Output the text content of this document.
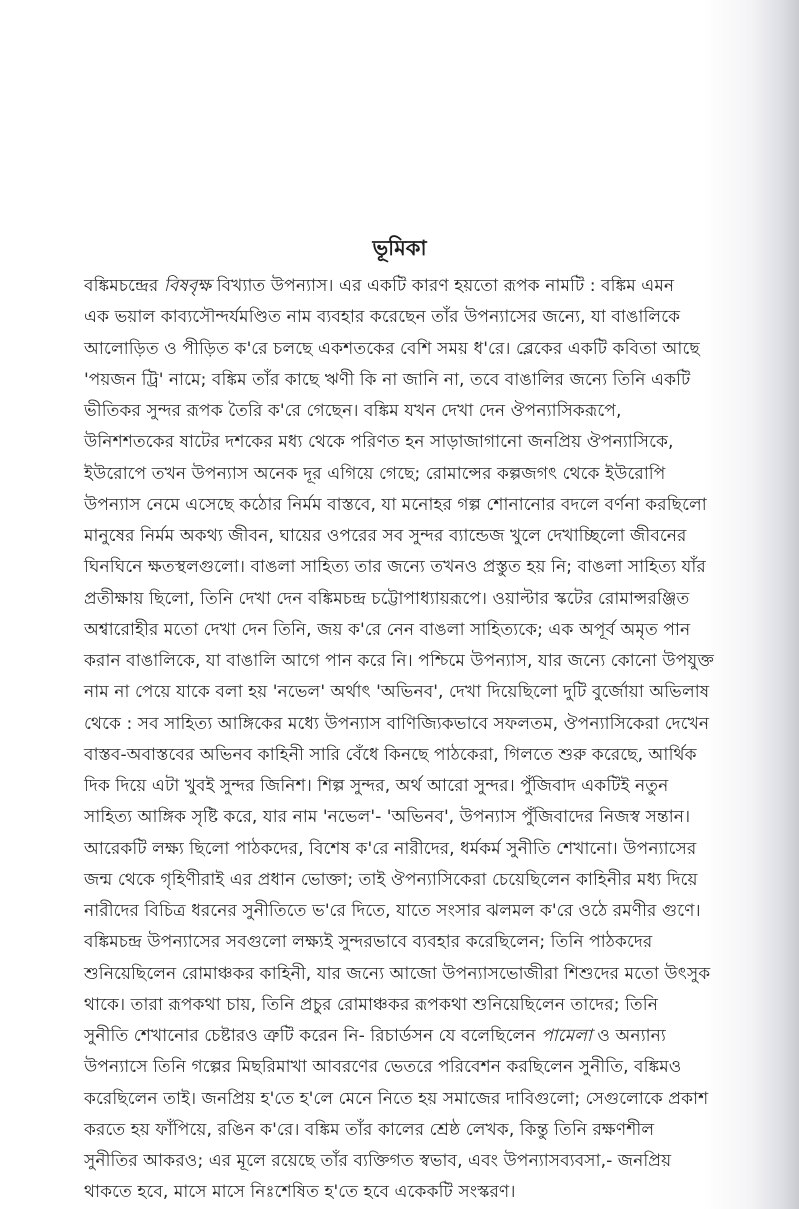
ভূমিকা
বঙ্কিমচন্দ্রের বিষবৃক্ষ বিখ্যাত উপন্যাস। এর একটি কারণ হয়তো রূপক নামটি : বঙ্কিম এমন
এক ভয়াল কাব্যসৌন্দর্যমণ্ডিত নাম ব্যবহার করেছেন তাঁর উপন্যাসের জন্যে, যা বাঙালিকে
আলোড়িত ও পীড়িত ক'রে চলছে একশতকের বেশি সময় ধ'রে। ব্লেকের একটি কবিতা আছে
'পয়জন ট্রি' নামে; বঙ্কিম তাঁর কাছে ঋণী কি না জানি না, তবে বাঙালির জন্যে তিনি একটি
ভীতিকর সুন্দর রূপক তৈরি ক'রে গেছেন। বঙ্কিম যখন দেখা দেন ঔপন্যাসিকরূপে,
উনিশশতকের ষাটের দশকের মধ্য থেকে পরিণত হন সাড়াজাগানো জনপ্রিয় ঔপন্যাসিকে,
ইউরোপে তখন উপন্যাস অনেক দূর এগিয়ে গেছে; রোমান্সের কল্পজগৎ থেকে ইউরোপি
উপন্যাস নেমে এসেছে কঠোর নির্মম বাস্তবে, যা মনোহর গল্প শোনানোর বদলে বর্ণনা করছিলো
মানুষের নির্মম অকথ্য জীবন, ঘায়ের ওপরের সব সুন্দর ব্যান্ডেজ খুলে দেখাচ্ছিলো জীবনের
ঘিনঘিনে ক্ষতস্থলগুলো। বাঙলা সাহিত্য তার জন্যে তখনও প্রস্তুত হয় নি; বাঙলা সাহিত্য যাঁর
প্রতীক্ষায় ছিলো, তিনি দেখা দেন বঙ্কিমচন্দ্র চট্টোপাধ্যায়রূপে। ওয়াল্টার স্কটের রোমান্সরঞ্জিত
অশ্বারোহীর মতো দেখা দেন তিনি, জয় ক'রে নেন বাঙলা সাহিত্যকে; এক অপূর্ব অমৃত পান
করান বাঙালিকে, যা বাঙালি আগে পান করে নি। পশ্চিমে উপন্যাস, যার জন্যে কোনো উপযুক্ত
নাম না পেয়ে যাকে বলা হয় 'নভেল' অর্থাৎ 'অভিনব', দেখা দিয়েছিলো দুটি বুর্জোয়া অভিলাষ
থেকে : সব সাহিত্য আঙ্গিকের মধ্যে উপন্যাস বাণিজ্যিকভাবে সফলতম, ঔপন্যাসিকেরা দেখেন
বাস্তব-অবাস্তবের অভিনব কাহিনী সারি বেঁধে কিনছে পাঠকেরা, গিলতে শুরু করেছে, আর্থিক
দিক দিয়ে এটা খুবই সুন্দর জিনিশ। শিল্প সুন্দর, অর্থ আরো সুন্দর। পুঁজিবাদ একটিই নতুন
সাহিত্য আঙ্গিক সৃষ্টি করে, যার নাম 'নভেল'- 'অভিনব', উপন্যাস পুঁজিবাদের নিজস্ব সন্তান।
আরেকটি লক্ষ্য ছিলো পাঠকদের, বিশেষ ক'রে নারীদের, ধর্মকর্ম সুনীতি শেখানো। উপন্যাসের
জন্ম থেকে গৃহিণীরাই এর প্রধান ভোক্তা; তাই ঔপন্যাসিকেরা চেয়েছিলেন কাহিনীর মধ্য দিয়ে
নারীদের বিচিত্র ধরনের সুনীতিতে ভ'রে দিতে, যাতে সংসার ঝলমল ক'রে ওঠে রমণীর গুণে।
বঙ্কিমচন্দ্র উপন্যাসের সবগুলো লক্ষ্যই সুন্দরভাবে ব্যবহার করেছিলেন; তিনি পাঠকদের
শুনিয়েছিলেন রোমাঞ্চকর কাহিনী, যার জন্যে আজো উপন্যাসভোজীরা শিশুদের মতো উৎসুক
থাকে। তারা রূপকথা চায়, তিনি প্রচুর রোমাঞ্চকর রূপকথা শুনিয়েছিলেন তাদের; তিনি
সুনীতি শেখানোর চেষ্টারও ত্রুটি করেন নি- রিচার্ডসন যে বলেছিলেন পামেলা ও অন্যান্য
উপন্যাসে তিনি গল্পের মিছরিমাখা আবরণের ভেতরে পরিবেশন করছিলেন সুনীতি, বঙ্কিমও
করেছিলেন তাই। জনপ্রিয় হ'তে হ'লে মেনে নিতে হয় সমাজের দাবিগুলো; সেগুলোকে প্রকাশ
করতে হয় ফাঁপিয়ে, রঙিন ক'রে। বঙ্কিম তাঁর কালের শ্রেষ্ঠ লেখক, কিন্তু তিনি রক্ষণশীল
সুনীতির আকরও; এর মূলে রয়েছে তাঁর ব্যক্তিগত স্বভাব, এবং উপন্যাসব্যবসা,- জনপ্রিয়
থাকতে হবে, মাসে মাসে নিঃশেষিত হ'তে হবে একেকটি সংস্করণ।
